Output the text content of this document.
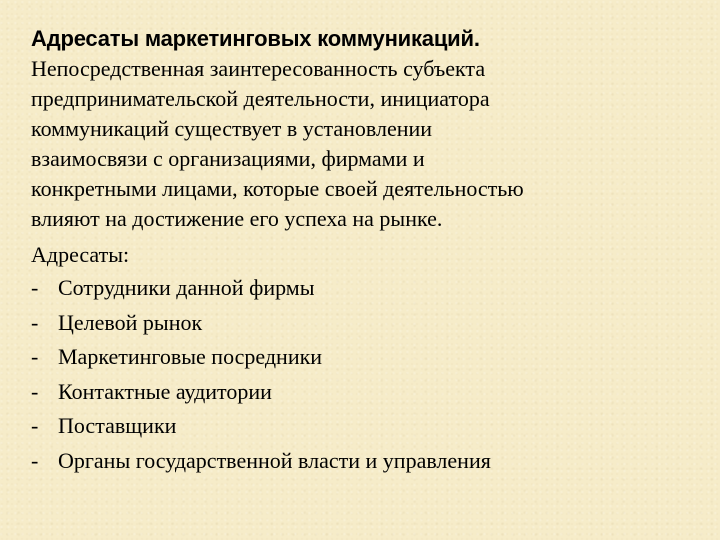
Адресаты маркетинговых коммуникаций.

Непосредственная заинтересованность субъекта
предпринимательской деятельности, инициатора
коммуникаций существует в установлении
взаимосвязи с организациями, фирмами и
конкретными лицами, которые своей деятельностью
влияют на достижение его успеха на рынке.

Адресаты:

- Сотрудники данной фирмы
- Целевой рынок
- Маркетинговые посредники
- Контактные аудитории
- Поставщики
- Органы государственной власти и управления
